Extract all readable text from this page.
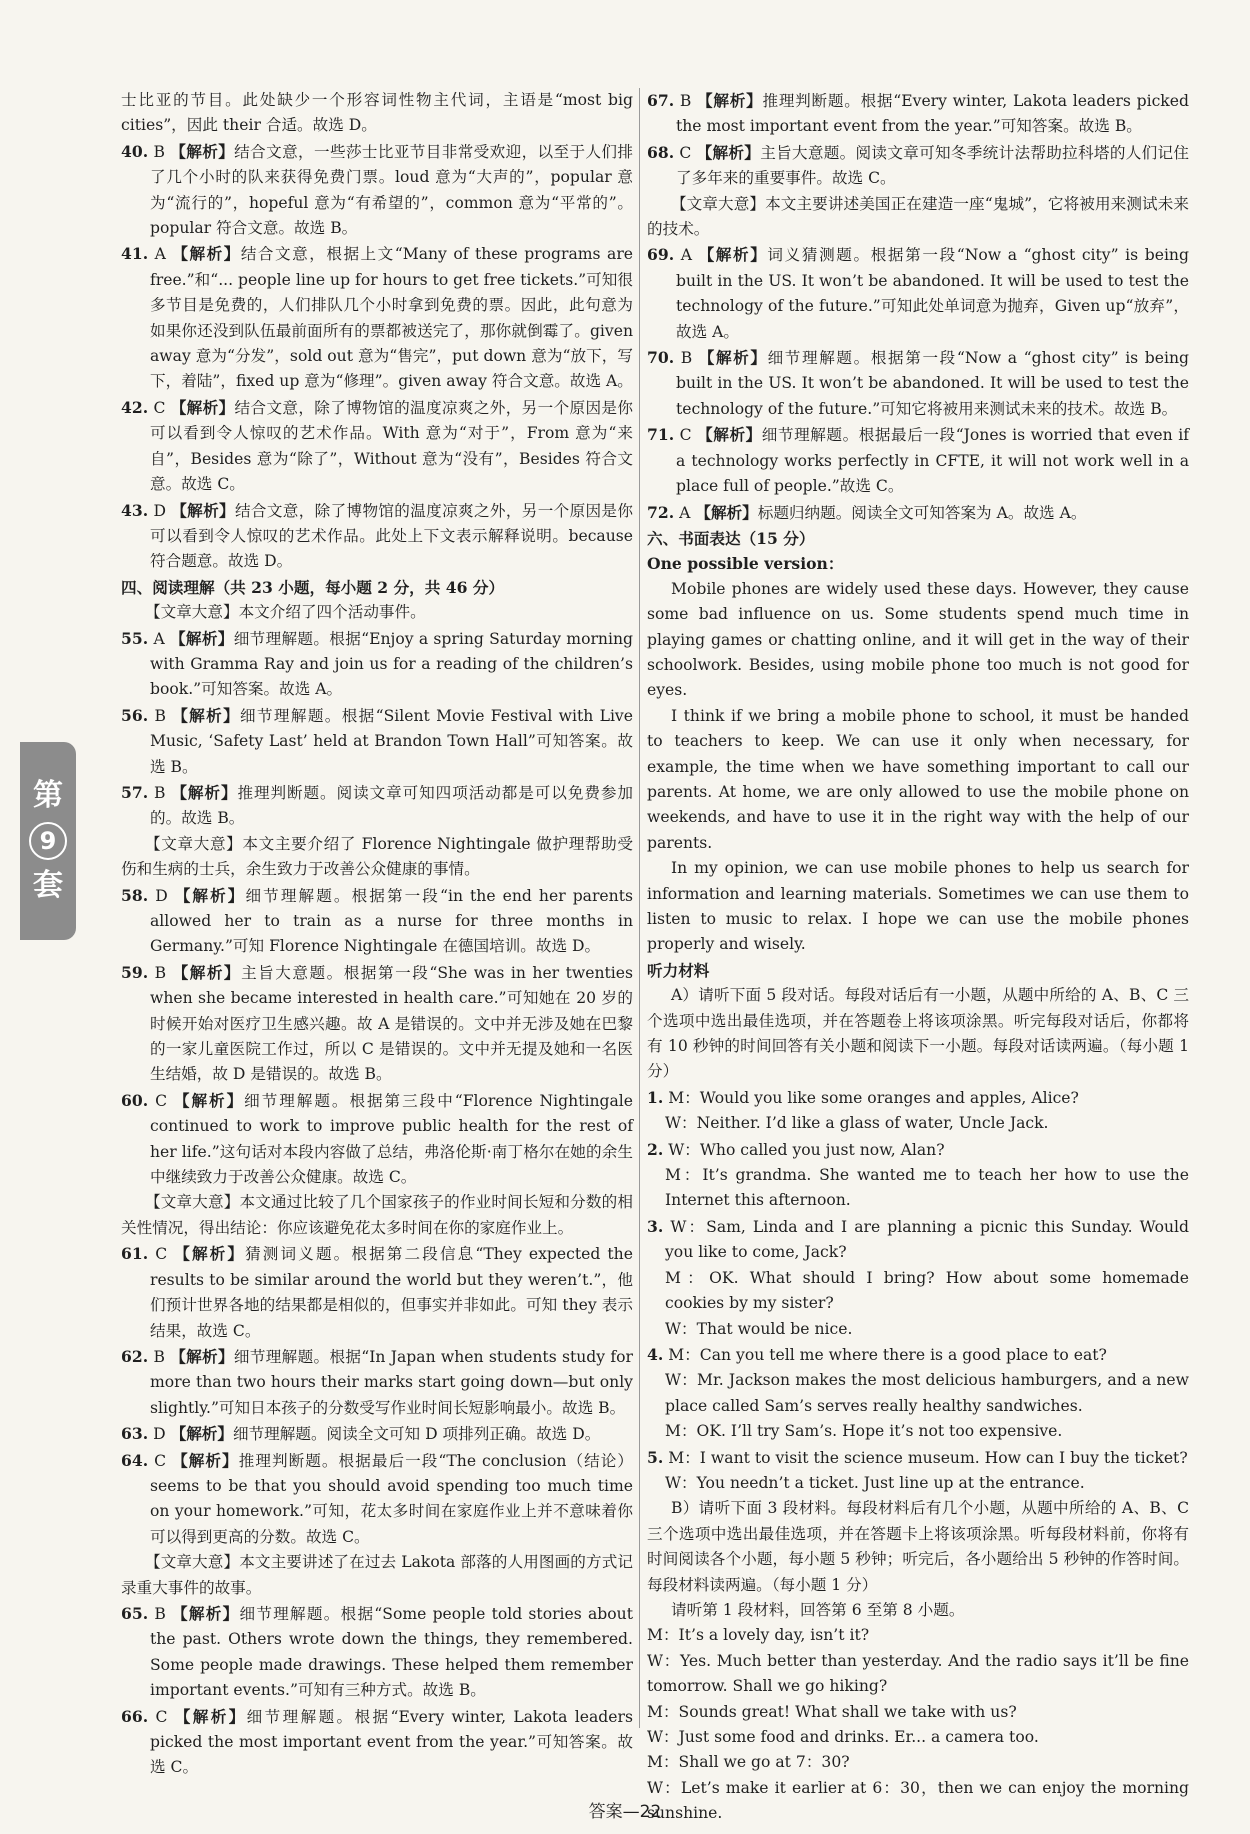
第
9
套

士比亚的节目。此处缺少一个形容词性物主代词，主语是“most big cities”，因此 their 合适。故选 D。

40. B 【解析】结合文意，一些莎士比亚节目非常受欢迎，以至于人们排了几个小时的队来获得免费门票。loud 意为“大声的”，popular 意为“流行的”，hopeful 意为“有希望的”，common 意为“平常的”。popular 符合文意。故选 B。

41. A 【解析】结合文意，根据上文“Many of these programs are free.”和“... people line up for hours to get free tickets.”可知很多节目是免费的，人们排队几个小时拿到免费的票。因此，此句意为如果你还没到队伍最前面所有的票都被送完了，那你就倒霉了。given away 意为“分发”，sold out 意为“售完”，put down 意为“放下，写下，着陆”，fixed up 意为“修理”。given away 符合文意。故选 A。

42. C 【解析】结合文意，除了博物馆的温度凉爽之外，另一个原因是你可以看到令人惊叹的艺术作品。With 意为“对于”，From 意为“来自”，Besides 意为“除了”，Without 意为“没有”，Besides 符合文意。故选 C。

43. D 【解析】结合文意，除了博物馆的温度凉爽之外，另一个原因是你可以看到令人惊叹的艺术作品。此处上下文表示解释说明。because 符合题意。故选 D。

四、阅读理解（共 23 小题，每小题 2 分，共 46 分）

【文章大意】本文介绍了四个活动事件。

55. A 【解析】细节理解题。根据“Enjoy a spring Saturday morning with Gramma Ray and join us for a reading of the children’s book.”可知答案。故选 A。

56. B 【解析】细节理解题。根据“Silent Movie Festival with Live Music, ‘Safety Last’ held at Brandon Town Hall”可知答案。故选 B。

57. B 【解析】推理判断题。阅读文章可知四项活动都是可以免费参加的。故选 B。

【文章大意】本文主要介绍了 Florence Nightingale 做护理帮助受伤和生病的士兵，余生致力于改善公众健康的事情。

58. D 【解析】细节理解题。根据第一段“in the end her parents allowed her to train as a nurse for three months in Germany.”可知 Florence Nightingale 在德国培训。故选 D。

59. B 【解析】主旨大意题。根据第一段“She was in her twenties when she became interested in health care.”可知她在 20 岁的时候开始对医疗卫生感兴趣。故 A 是错误的。文中并无涉及她在巴黎的一家儿童医院工作过，所以 C 是错误的。文中并无提及她和一名医生结婚，故 D 是错误的。故选 B。

60. C 【解析】细节理解题。根据第三段中“Florence Nightingale continued to work to improve public health for the rest of her life.”这句话对本段内容做了总结，弗洛伦斯·南丁格尔在她的余生中继续致力于改善公众健康。故选 C。

【文章大意】本文通过比较了几个国家孩子的作业时间长短和分数的相关性情况，得出结论：你应该避免花太多时间在你的家庭作业上。

61. C 【解析】猜测词义题。根据第二段信息“They expected the results to be similar around the world but they weren’t.”，他们预计世界各地的结果都是相似的，但事实并非如此。可知 they 表示结果，故选 C。

62. B 【解析】细节理解题。根据“In Japan when students study for more than two hours their marks start going down—but only slightly.”可知日本孩子的分数受写作业时间长短影响最小。故选 B。

63. D 【解析】细节理解题。阅读全文可知 D 项排列正确。故选 D。

64. C 【解析】推理判断题。根据最后一段“The conclusion（结论）seems to be that you should avoid spending too much time on your homework.”可知，花太多时间在家庭作业上并不意味着你可以得到更高的分数。故选 C。

【文章大意】本文主要讲述了在过去 Lakota 部落的人用图画的方式记录重大事件的故事。

65. B 【解析】细节理解题。根据“Some people told stories about the past. Others wrote down the things, they remembered. Some people made drawings. These helped them remember important events.”可知有三种方式。故选 B。

66. C 【解析】细节理解题。根据“Every winter, Lakota leaders picked the most important event from the year.”可知答案。故选 C。

67. B 【解析】推理判断题。根据“Every winter, Lakota leaders picked the most important event from the year.”可知答案。故选 B。

68. C 【解析】主旨大意题。阅读文章可知冬季统计法帮助拉科塔的人们记住了多年来的重要事件。故选 C。

【文章大意】本文主要讲述美国正在建造一座“鬼城”，它将被用来测试未来的技术。

69. A 【解析】词义猜测题。根据第一段“Now a “ghost city” is being built in the US. It won’t be abandoned. It will be used to test the technology of the future.”可知此处单词意为抛弃，Given up“放弃”，故选 A。

70. B 【解析】细节理解题。根据第一段“Now a “ghost city” is being built in the US. It won’t be abandoned. It will be used to test the technology of the future.”可知它将被用来测试未来的技术。故选 B。

71. C 【解析】细节理解题。根据最后一段“Jones is worried that even if a technology works perfectly in CFTE, it will not work well in a place full of people.”故选 C。

72. A 【解析】标题归纳题。阅读全文可知答案为 A。故选 A。

六、书面表达（15 分）

One possible version：

Mobile phones are widely used these days. However, they cause some bad influence on us. Some students spend much time in playing games or chatting online, and it will get in the way of their schoolwork. Besides, using mobile phone too much is not good for eyes.

I think if we bring a mobile phone to school, it must be handed to teachers to keep. We can use it only when necessary, for example, the time when we have something important to call our parents. At home, we are only allowed to use the mobile phone on weekends, and have to use it in the right way with the help of our parents.

In my opinion, we can use mobile phones to help us search for information and learning materials. Sometimes we can use them to listen to music to relax. I hope we can use the mobile phones properly and wisely.

听力材料

A）请听下面 5 段对话。每段对话后有一小题，从题中所给的 A、B、C 三个选项中选出最佳选项，并在答题卷上将该项涂黑。听完每段对话后，你都将有 10 秒钟的时间回答有关小题和阅读下一小题。每段对话读两遍。（每小题 1 分）

1. M：Would you like some oranges and apples, Alice?

W：Neither. I’d like a glass of water, Uncle Jack.

2. W：Who called you just now, Alan?

M：It’s grandma. She wanted me to teach her how to use the Internet this afternoon.

3. W：Sam, Linda and I are planning a picnic this Sunday. Would you like to come, Jack?

M：OK. What should I bring? How about some homemade cookies by my sister?

W：That would be nice.

4. M：Can you tell me where there is a good place to eat?

W：Mr. Jackson makes the most delicious hamburgers, and a new place called Sam’s serves really healthy sandwiches.

M：OK. I’ll try Sam’s. Hope it’s not too expensive.

5. M：I want to visit the science museum. How can I buy the ticket?

W：You needn’t a ticket. Just line up at the entrance.

B）请听下面 3 段材料。每段材料后有几个小题，从题中所给的 A、B、C 三个选项中选出最佳选项，并在答题卡上将该项涂黑。听每段材料前，你将有时间阅读各个小题，每小题 5 秒钟；听完后，各小题给出 5 秒钟的作答时间。每段材料读两遍。（每小题 1 分）

请听第 1 段材料，回答第 6 至第 8 小题。

M：It’s a lovely day, isn’t it?

W：Yes. Much better than yesterday. And the radio says it’ll be fine tomorrow. Shall we go hiking?

M：Sounds great! What shall we take with us?

W：Just some food and drinks. Er... a camera too.

M：Shall we go at 7：30?

W：Let’s make it earlier at 6：30，then we can enjoy the morning sunshine.

答案—22
